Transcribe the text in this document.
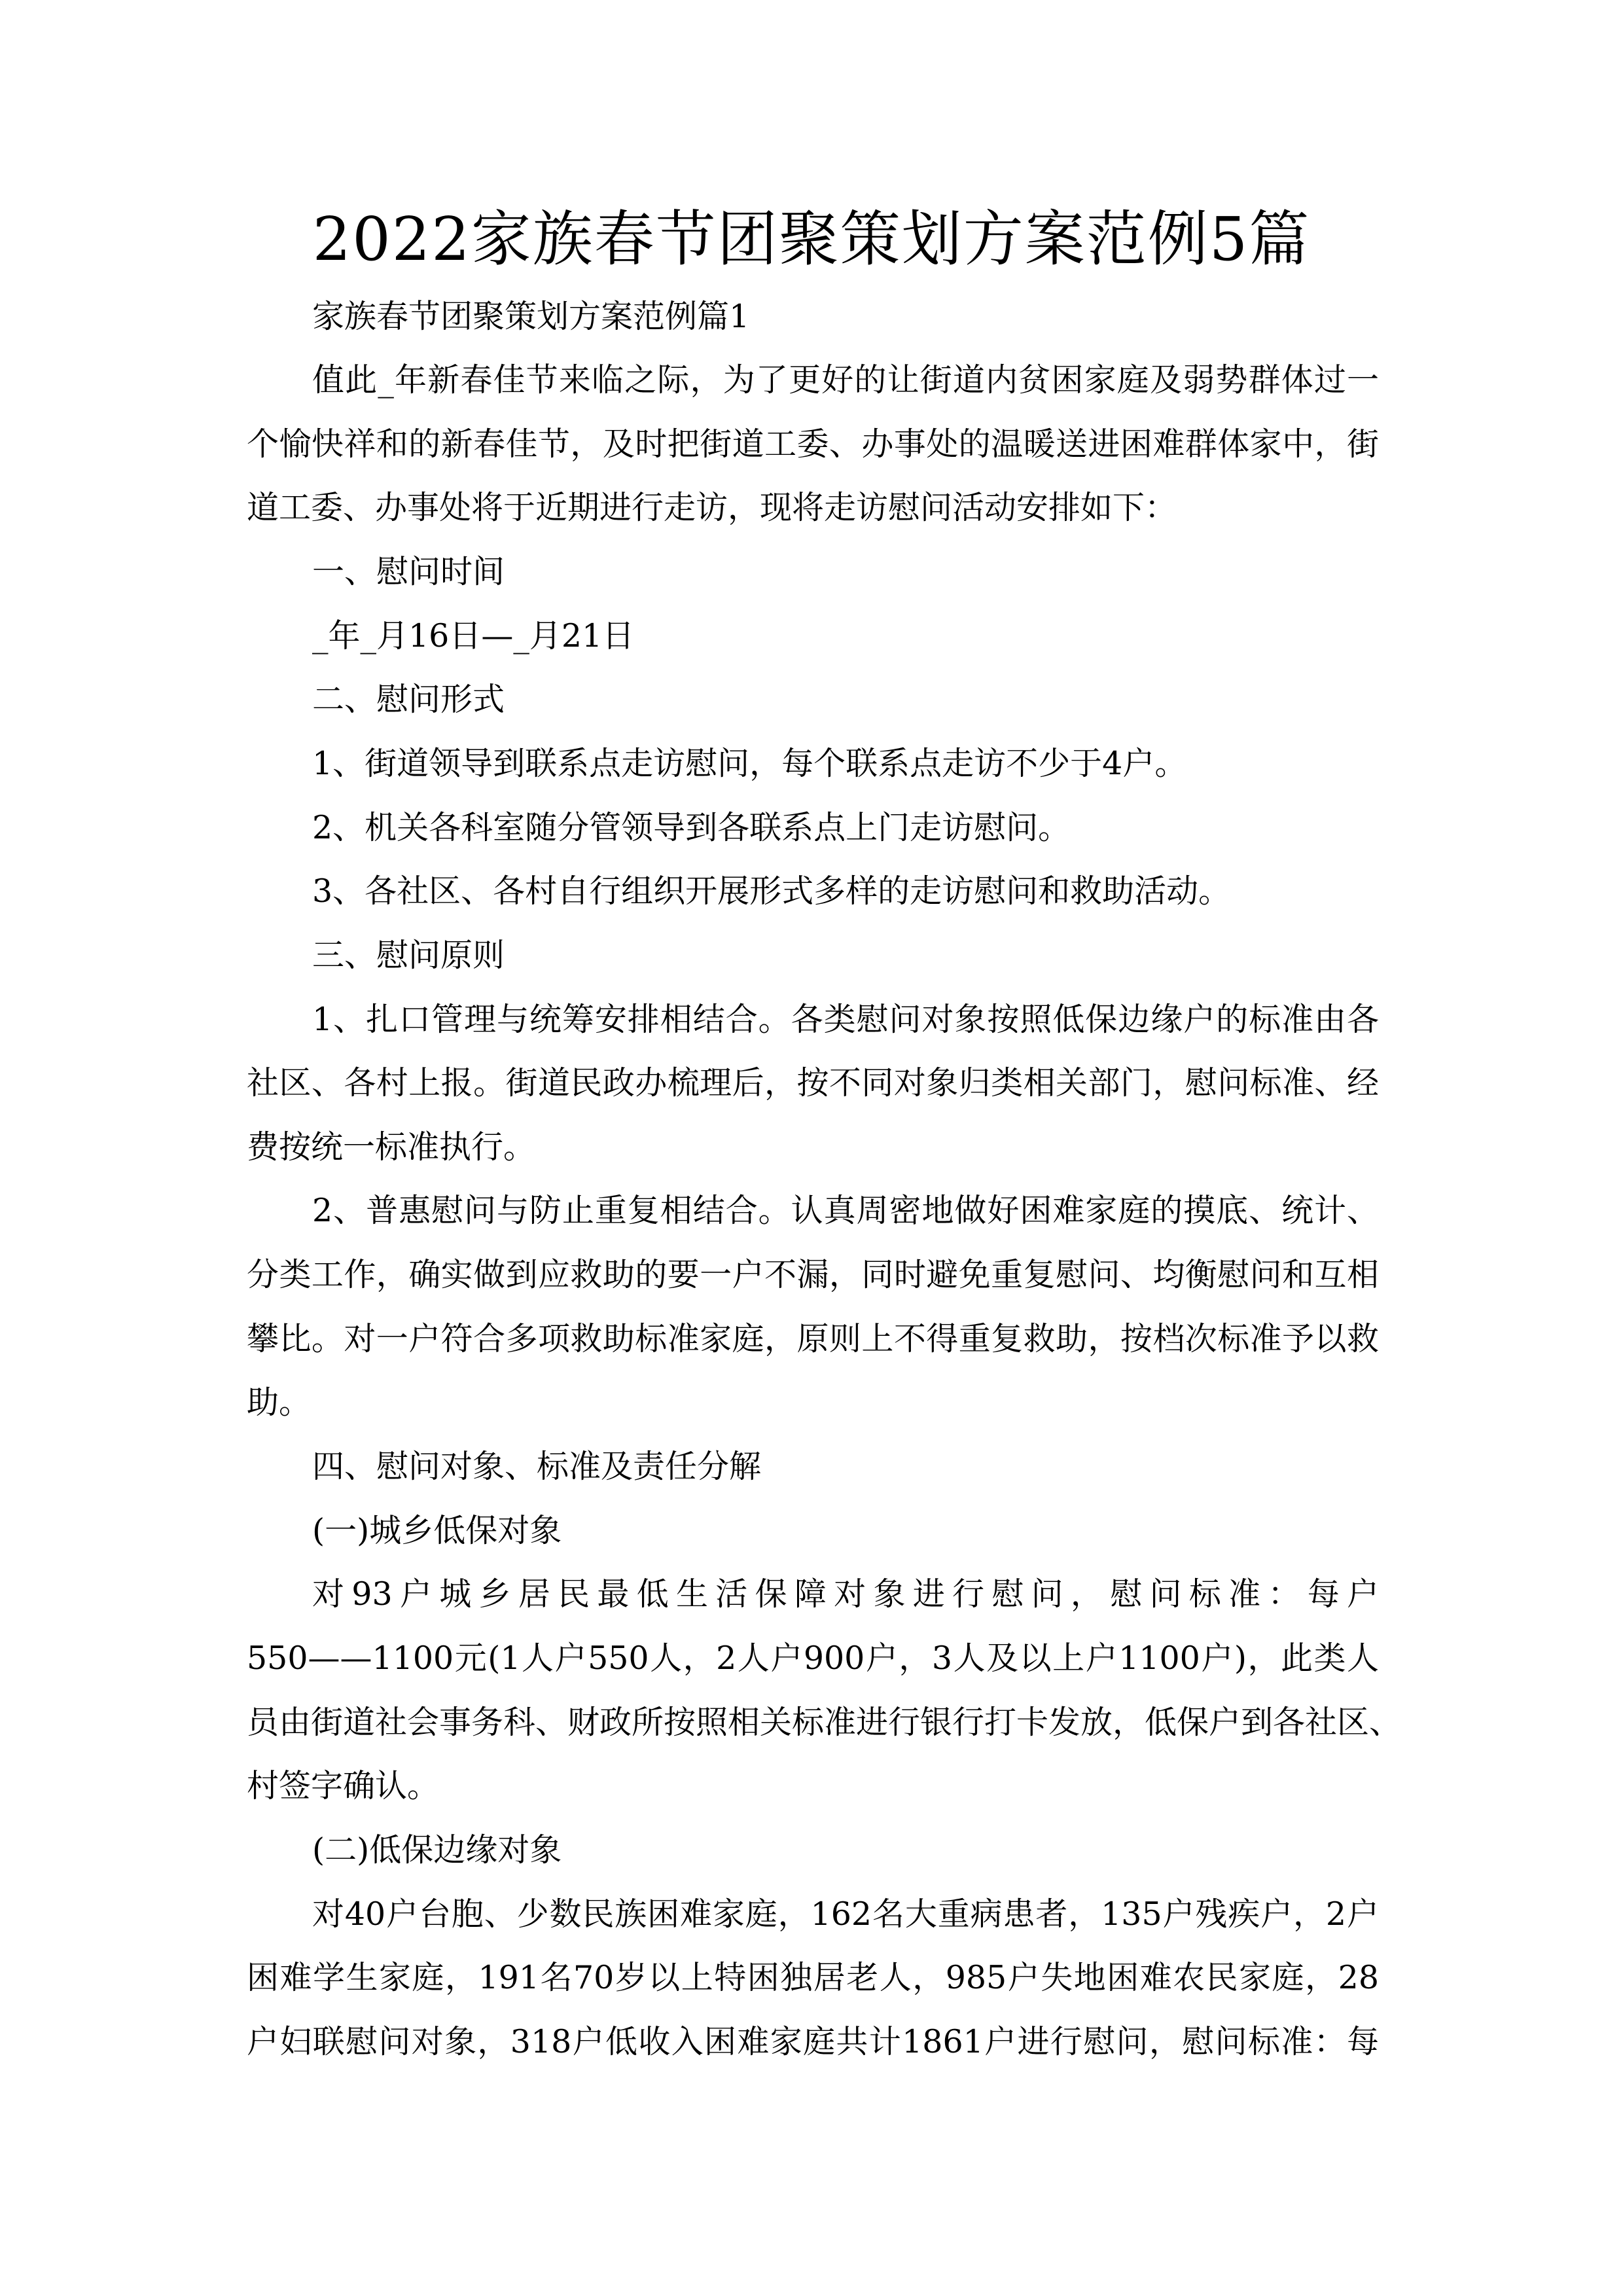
2022家族春节团聚策划方案范例5篇
家族春节团聚策划方案范例篇1
值此_年新春佳节来临之际，为了更好的让街道内贫困家庭及弱势群体过一
个愉快祥和的新春佳节，及时把街道工委、办事处的温暖送进困难群体家中，街
道工委、办事处将于近期进行走访，现将走访慰问活动安排如下：
一、慰问时间
_年_月16日—_月21日
二、慰问形式
1、街道领导到联系点走访慰问，每个联系点走访不少于4户。
2、机关各科室随分管领导到各联系点上门走访慰问。
3、各社区、各村自行组织开展形式多样的走访慰问和救助活动。
三、慰问原则
1、扎口管理与统筹安排相结合。各类慰问对象按照低保边缘户的标准由各
社区、各村上报。街道民政办梳理后，按不同对象归类相关部门，慰问标准、经
费按统一标准执行。
2、普惠慰问与防止重复相结合。认真周密地做好困难家庭的摸底、统计、
分类工作，确实做到应救助的要一户不漏，同时避免重复慰问、均衡慰问和互相
攀比。对一户符合多项救助标准家庭，原则上不得重复救助，按档次标准予以救
助。
四、慰问对象、标准及责任分解
(一)城乡低保对象
对93户城乡居民最低生活保障对象进行慰问，慰问标准：每户
550——1100元(1人户550人，2人户900户，3人及以上户1100户)，此类人
员由街道社会事务科、财政所按照相关标准进行银行打卡发放，低保户到各社区、
村签字确认。
(二)低保边缘对象
对40户台胞、少数民族困难家庭，162名大重病患者，135户残疾户，2户
困难学生家庭，191名70岁以上特困独居老人，985户失地困难农民家庭，28
户妇联慰问对象，318户低收入困难家庭共计1861户进行慰问，慰问标准：每
